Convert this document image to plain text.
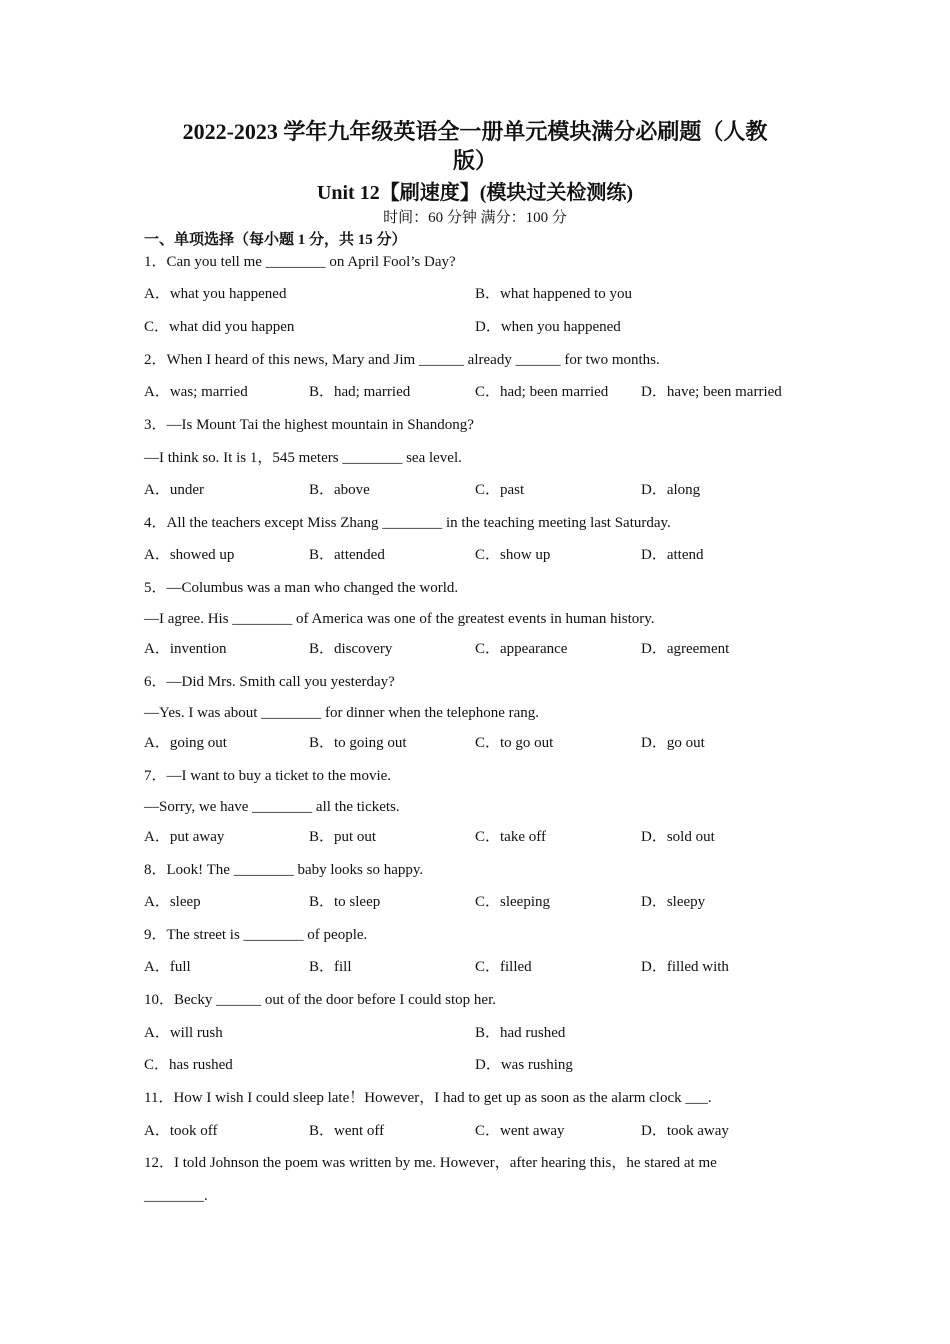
2022-2023 学年九年级英语全一册单元模块满分必刷题（人教
版）
Unit 12【刷速度】(模块过关检测练)
时间：60 分钟 满分：100 分
一、单项选择（每小题 1 分，共 15 分）
1．Can you tell me ________ on April Fool’s Day?
A．what you happened	B．what happened to you
C．what did you happen	D．when you happened
2．When I heard of this news, Mary and Jim ______ already ______ for two months.
A．was; married	B．had; married	C．had; been married D．have; been married
3．—Is Mount Tai the highest mountain in Shandong?
—I think so. It is 1，545 meters ________ sea level.
A．under	B．above	C．past	D．along
4．All the teachers except Miss Zhang ________ in the teaching meeting last Saturday.
A．showed up	B．attended	C．show up	D．attend
5．—Columbus was a man who changed the world.
—I agree. His ________ of America was one of the greatest events in human history.
A．invention	B．discovery	C．appearance	D．agreement
6．—Did Mrs. Smith call you yesterday?
—Yes. I was about ________ for dinner when the telephone rang.
A．going out	B．to going out	C．to go out	D．go out
7．—I want to buy a ticket to the movie.
—Sorry, we have ________ all the tickets.
A．put away	B．put out	C．take off	D．sold out
8．Look! The ________ baby looks so happy.
A．sleep	B．to sleep	C．sleeping	D．sleepy
9．The street is ________ of people.
A．full	B．fill	C．filled	D．filled with
10．Becky ______ out of the door before I could stop her.
A．will rush	B．had rushed
C．has rushed	D．was rushing
11．How I wish I could sleep late！However，I had to get up as soon as the alarm clock ___.
A．took off	B．went off	C．went away	D．took away
12．I told Johnson the poem was written by me. However，after hearing this，he stared at me
________.
